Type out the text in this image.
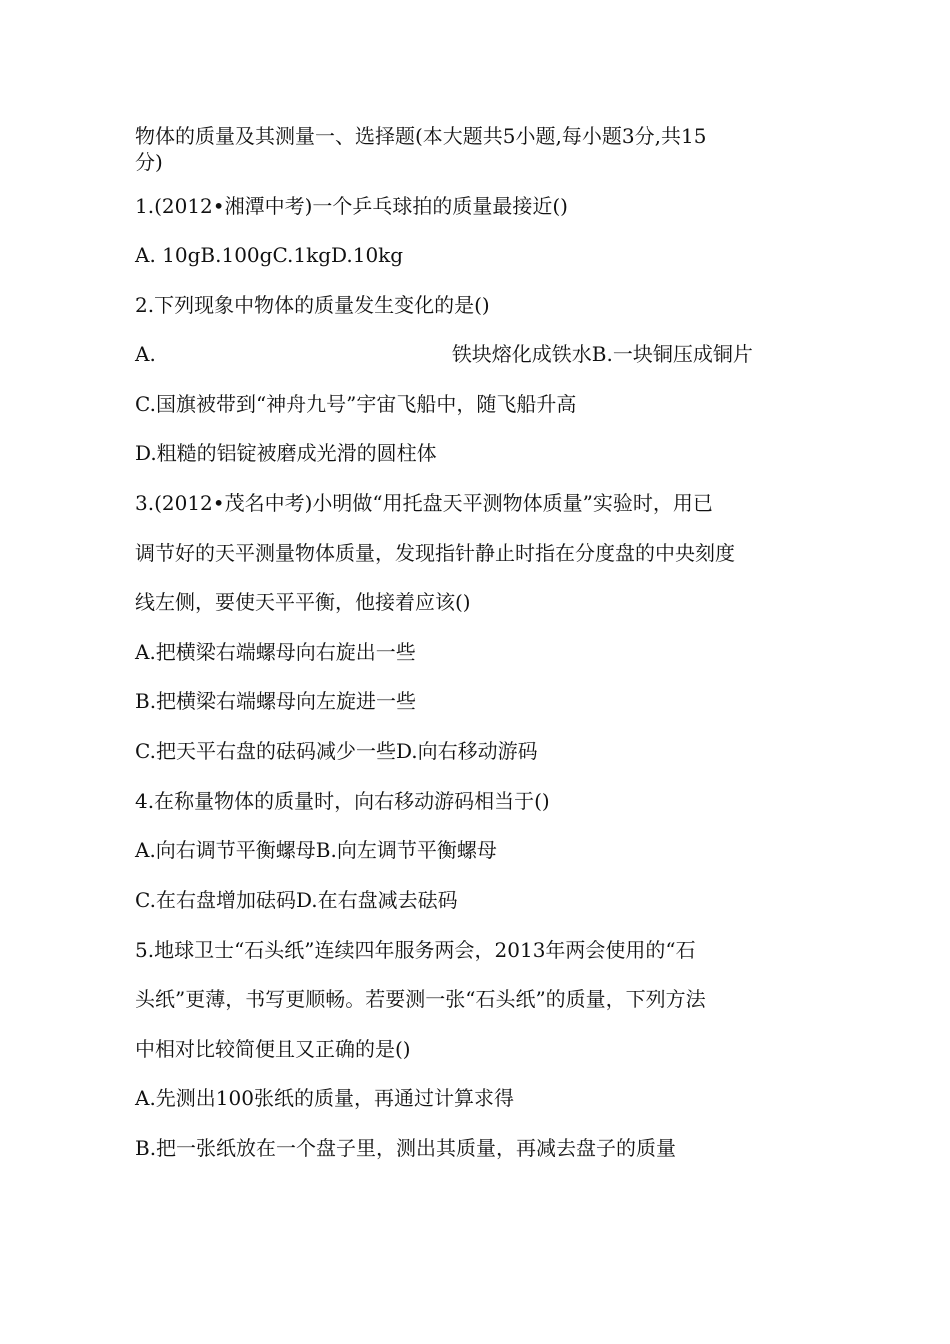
物体的质量及其测量一、选择题(本大题共5小题,每小题3分,共15
分)
1.(2012•湘潭中考)一个乒乓球拍的质量最接近()
A. 10gB.100gC.1kgD.10kg
2.下列现象中物体的质量发生变化的是()
A.	铁块熔化成铁水B.一块铜压成铜片
C.国旗被带到“神舟九号”宇宙飞船中，随飞船升高
D.粗糙的铝锭被磨成光滑的圆柱体
3.(2012•茂名中考)小明做“用托盘天平测物体质量”实验时，用已
调节好的天平测量物体质量，发现指针静止时指在分度盘的中央刻度
线左侧，要使天平平衡，他接着应该()
A.把横梁右端螺母向右旋出一些
B.把横梁右端螺母向左旋进一些
C.把天平右盘的砝码减少一些D.向右移动游码
4.在称量物体的质量时，向右移动游码相当于()
A.向右调节平衡螺母B.向左调节平衡螺母
C.在右盘增加砝码D.在右盘减去砝码
5.地球卫士“石头纸”连续四年服务两会，2013年两会使用的“石
头纸”更薄，书写更顺畅。若要测一张“石头纸”的质量，下列方法
中相对比较简便且又正确的是()
A.先测出100张纸的质量，再通过计算求得
B.把一张纸放在一个盘子里，测出其质量，再减去盘子的质量
